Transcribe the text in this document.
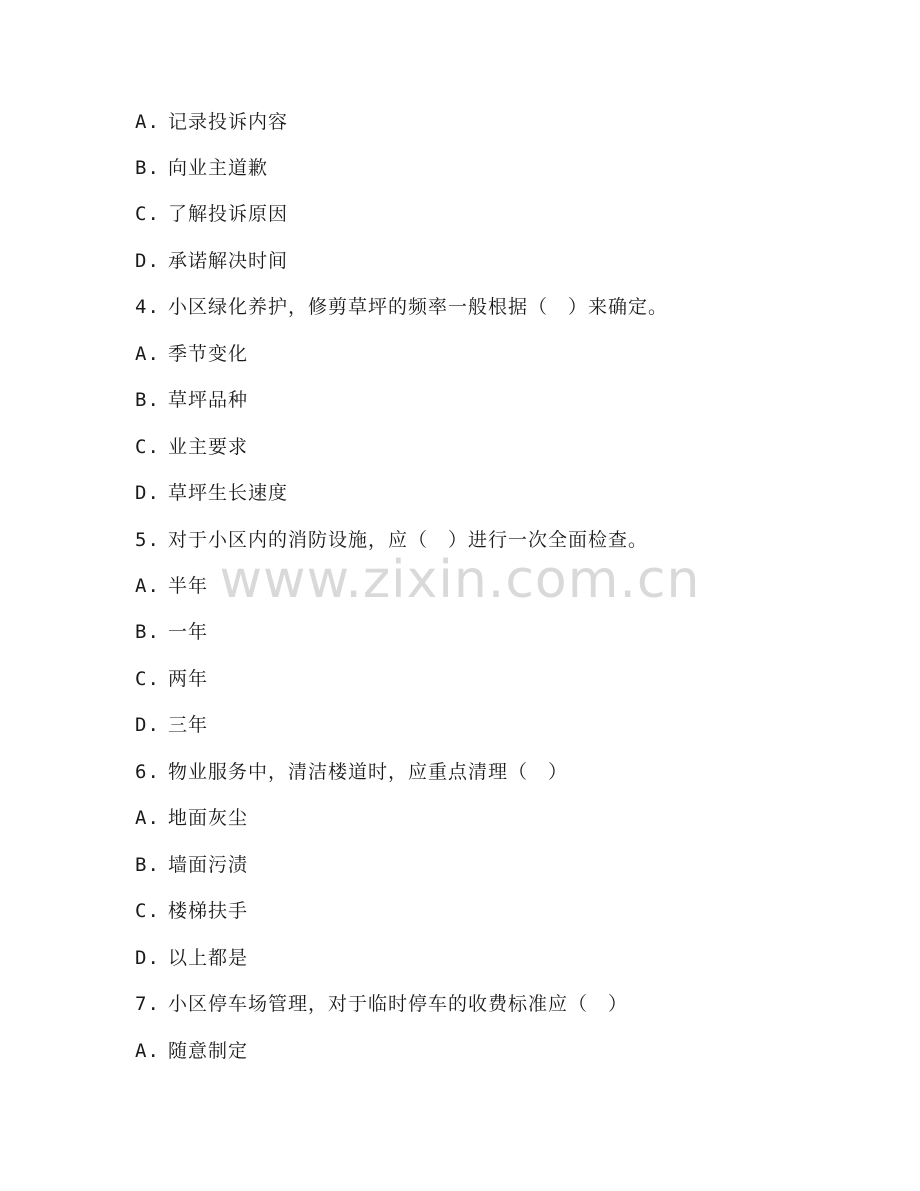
A. 记录投诉内容
B. 向业主道歉
C. 了解投诉原因
D. 承诺解决时间
4. 小区绿化养护，修剪草坪的频率一般根据（　）来确定。
A. 季节变化
B. 草坪品种
C. 业主要求
D. 草坪生长速度
5. 对于小区内的消防设施，应（　）进行一次全面检查。
A. 半年
B. 一年
C. 两年
D. 三年
6. 物业服务中，清洁楼道时，应重点清理（　）
A. 地面灰尘
B. 墙面污渍
C. 楼梯扶手
D. 以上都是
7. 小区停车场管理，对于临时停车的收费标准应（　）
A. 随意制定
www.zixin.com.cn
